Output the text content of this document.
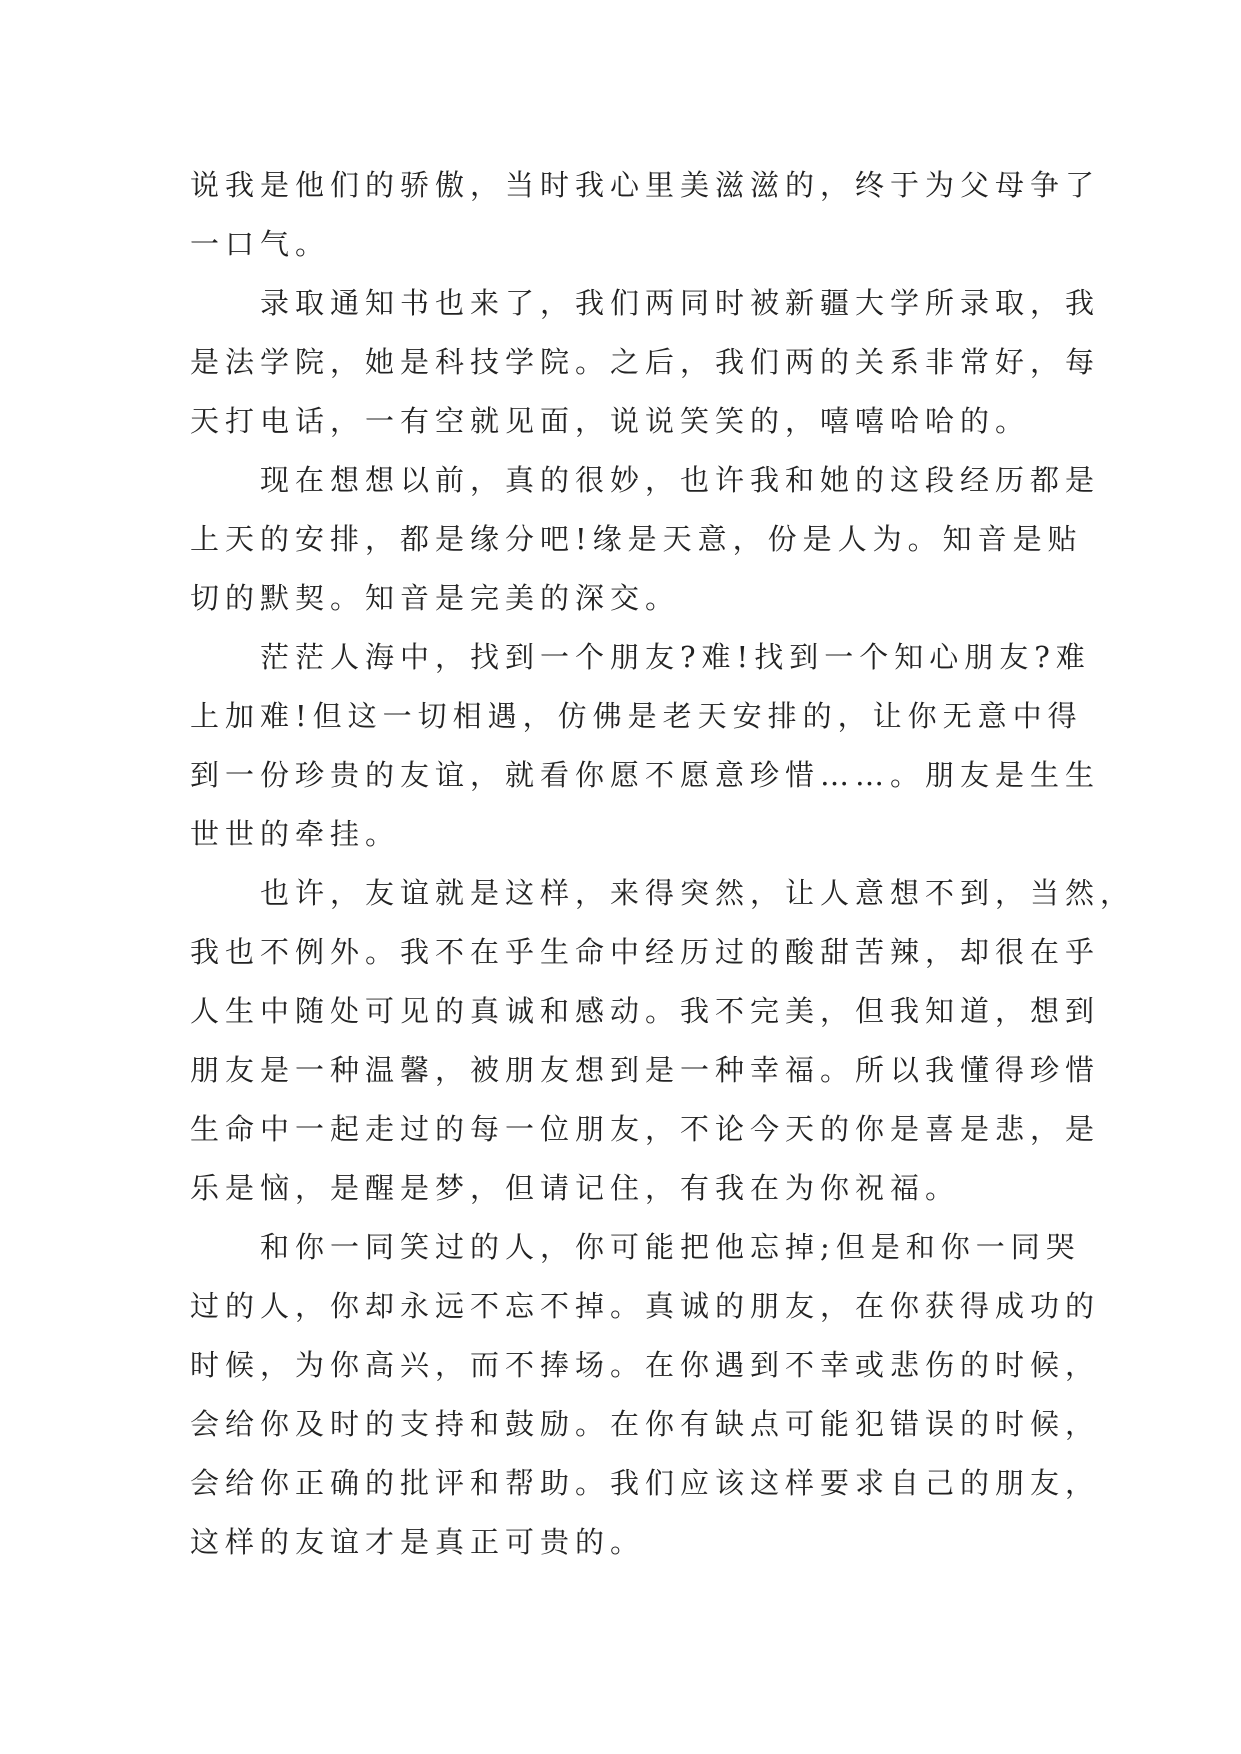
说我是他们的骄傲，当时我心里美滋滋的，终于为父母争了
一口气。

录取通知书也来了，我们两同时被新疆大学所录取，我
是法学院，她是科技学院。之后，我们两的关系非常好，每
天打电话，一有空就见面，说说笑笑的，嘻嘻哈哈的。

现在想想以前，真的很妙，也许我和她的这段经历都是
上天的安排，都是缘分吧!缘是天意，份是人为。知音是贴
切的默契。知音是完美的深交。

茫茫人海中，找到一个朋友?难!找到一个知心朋友?难
上加难!但这一切相遇，仿佛是老天安排的，让你无意中得
到一份珍贵的友谊，就看你愿不愿意珍惜……。朋友是生生
世世的牵挂。

也许，友谊就是这样，来得突然，让人意想不到，当然，
我也不例外。我不在乎生命中经历过的酸甜苦辣，却很在乎
人生中随处可见的真诚和感动。我不完美，但我知道，想到
朋友是一种温馨，被朋友想到是一种幸福。所以我懂得珍惜
生命中一起走过的每一位朋友，不论今天的你是喜是悲，是
乐是恼，是醒是梦，但请记住，有我在为你祝福。

和你一同笑过的人，你可能把他忘掉;但是和你一同哭
过的人，你却永远不忘不掉。真诚的朋友，在你获得成功的
时候，为你高兴，而不捧场。在你遇到不幸或悲伤的时候，
会给你及时的支持和鼓励。在你有缺点可能犯错误的时候，
会给你正确的批评和帮助。我们应该这样要求自己的朋友，
这样的友谊才是真正可贵的。
